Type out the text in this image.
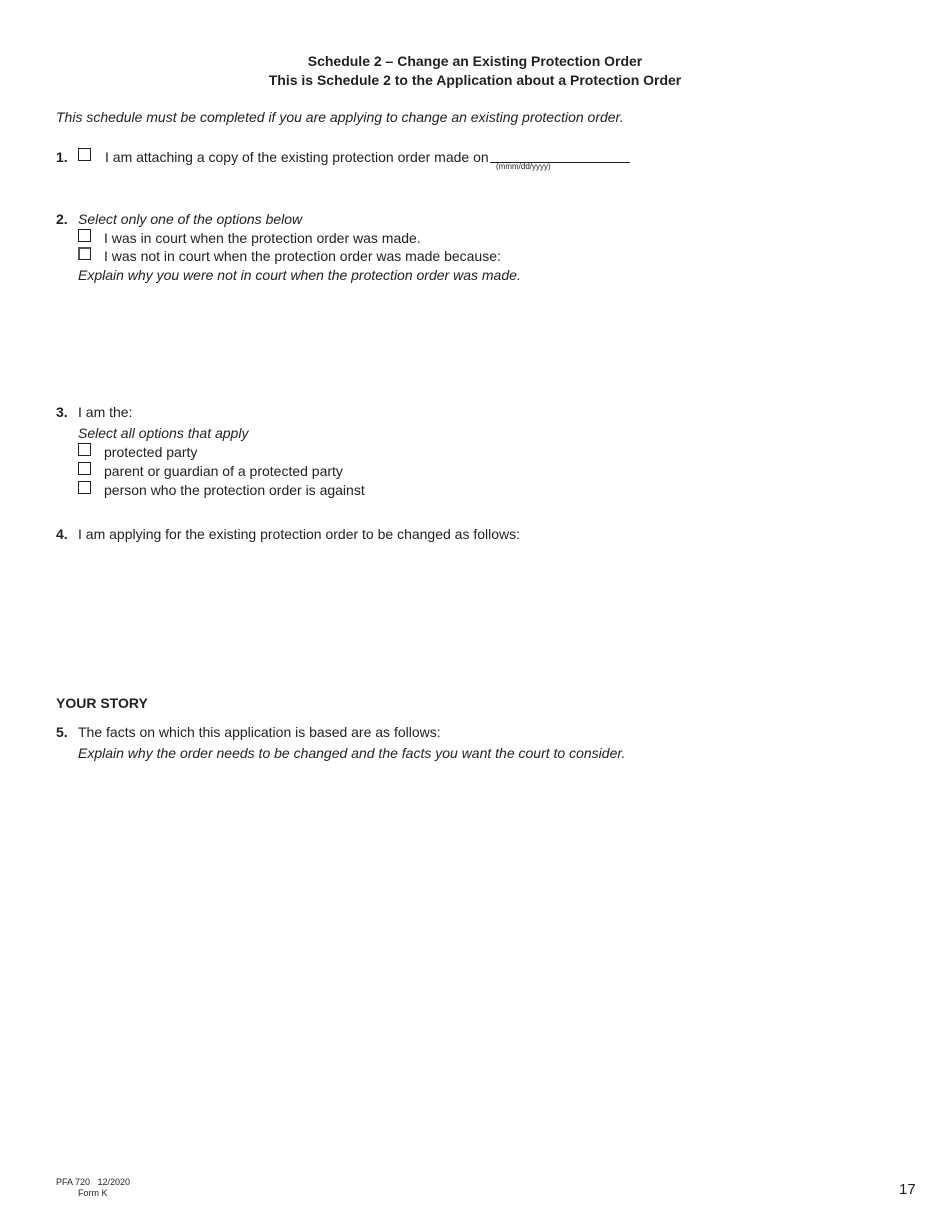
Schedule 2 – Change an Existing Protection Order
This is Schedule 2 to the Application about a Protection Order
This schedule must be completed if you are applying to change an existing protection order.
1.	I am attaching a copy of the existing protection order made on
(mmm/dd/yyyy)
2. Select only one of the options below
I was in court when the protection order was made.
I was not in court when the protection order was made because:
Explain why you were not in court when the protection order was made.
3. I am the:
Select all options that apply
protected party
parent or guardian of a protected party
person who the protection order is against
4. I am applying for the existing protection order to be changed as follows:
YOUR STORY
5. The facts on which this application is based are as follows:
Explain why the order needs to be changed and the facts you want the court to consider.
PFA 720   12/2020
Form K	17
